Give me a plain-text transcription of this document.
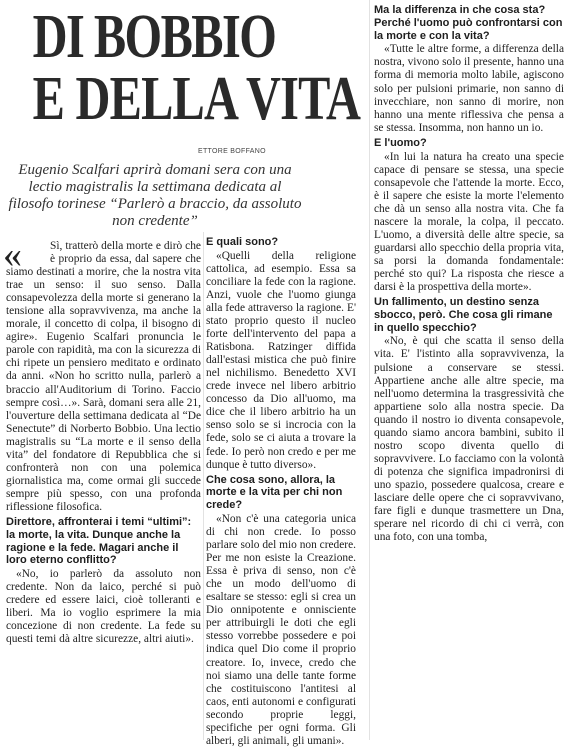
DI BOBBIO
E DELLA VITA

ETTORE BOFFANO

Eugenio Scalfari aprirà domani sera con una lectio magistralis la settimana dedicata al filosofo torinese “Parlerò a braccio, da assoluto non credente”

«	Sì, tratterò della morte e dirò che è proprio da essa, dal sapere che siamo destinati a morire, che la nostra vita trae un senso: il suo senso. Dalla consapevolezza della morte si generano la tensione alla sopravvivenza, ma anche la morale, il concetto di colpa, il bisogno di agire». Eugenio Scalfari pronuncia le parole con rapidità, ma con la sicurezza di chi ripete un pensiero meditato e ordinato da anni. «Non ho scritto nulla, parlerò a braccio all'Auditorium di Torino. Faccio sempre così…». Sarà, domani sera alle 21, l'ouverture della settimana dedicata al “De Senectute” di Norberto Bobbio. Una lectio magistralis su “La morte e il senso della vita” del fondatore di Repubblica che si confronterà non con una polemica giornalistica ma, come ormai gli succede sempre più spesso, con una profonda riflessione filosofica.

Direttore, affronterai i temi “ultimi”: la morte, la vita. Dunque anche la ragione e la fede. Magari anche il loro eterno conflitto?

«No, io parlerò da assoluto non credente. Non da laico, perché si può credere ed essere laici, cioè tolleranti e liberi. Ma io voglio esprimere la mia concezione di non credente. La fede su questi temi dà altre sicurezze, altri aiuti».

E quali sono?

«Quelli della religione cattolica, ad esempio. Essa sa conciliare la fede con la ragione. Anzi, vuole che l'uomo giunga alla fede attraverso la ragione. E' stato proprio questo il nucleo forte dell'intervento del papa a Ratisbona. Ratzinger diffida dall'estasi mistica che può finire nel nichilismo. Benedetto XVI crede invece nel libero arbitrio concesso da Dio all'uomo, ma dice che il libero arbitrio ha un senso solo se si incrocia con la fede, solo se ci aiuta a trovare la fede. Io però non credo e per me dunque è tutto diverso».

Che cosa sono, allora, la morte e la vita per chi non crede?

«Non c'è una categoria unica di chi non crede. Io posso parlare solo del mio non credere. Per me non esiste la Creazione. Essa è priva di senso, non c'è che un modo dell'uomo di esaltare se stesso: egli si crea un Dio onnipotente e onnisciente per attribuirgli le doti che egli stesso vorrebbe possedere e poi indica quel Dio come il proprio creatore. Io, invece, credo che noi siamo una delle tante forme che costituiscono l'antitesi al caos, enti autonomi e configurati secondo proprie leggi, specifiche per ogni forma. Gli alberi, gli animali, gli umani».

Ma la differenza in che cosa sta? Perché l'uomo può confrontarsi con la morte e con la vita?

«Tutte le altre forme, a differenza della nostra, vivono solo il presente, hanno una forma di memoria molto labile, agiscono solo per pulsioni primarie, non sanno di invecchiare, non sanno di morire, non hanno una mente riflessiva che pensa a se stessa. Insomma, non hanno un io.

E l'uomo?

«In lui la natura ha creato una specie capace di pensare se stessa, una specie consapevole che l'attende la morte. Ecco, è il sapere che esiste la morte l'elemento che dà un senso alla nostra vita. Che fa nascere la morale, la colpa, il peccato. L'uomo, a diversità delle altre specie, sa guardarsi allo specchio della propria vita, sa porsi la domanda fondamentale: perché sto qui? La risposta che riesce a darsi è la prospettiva della morte».

Un fallimento, un destino senza sbocco, però. Che cosa gli rimane in quello specchio?

«No, è qui che scatta il senso della vita. E' l'istinto alla sopravvivenza, la pulsione a conservare se stessi. Appartiene anche alle altre specie, ma nell'uomo determina la trasgressività che appartiene solo alla nostra specie. Da quando il nostro io diventa consapevole, quando siamo ancora bambini, subito il nostro scopo diventa quello di sopravvivere. Lo facciamo con la volontà di potenza che significa impadronirsi di uno spazio, possedere qualcosa, creare e lasciare delle opere che ci sopravvivano, fare figli e dunque trasmettere un Dna, sperare nel ricordo di chi ci verrà, con una foto, con una tomba,
